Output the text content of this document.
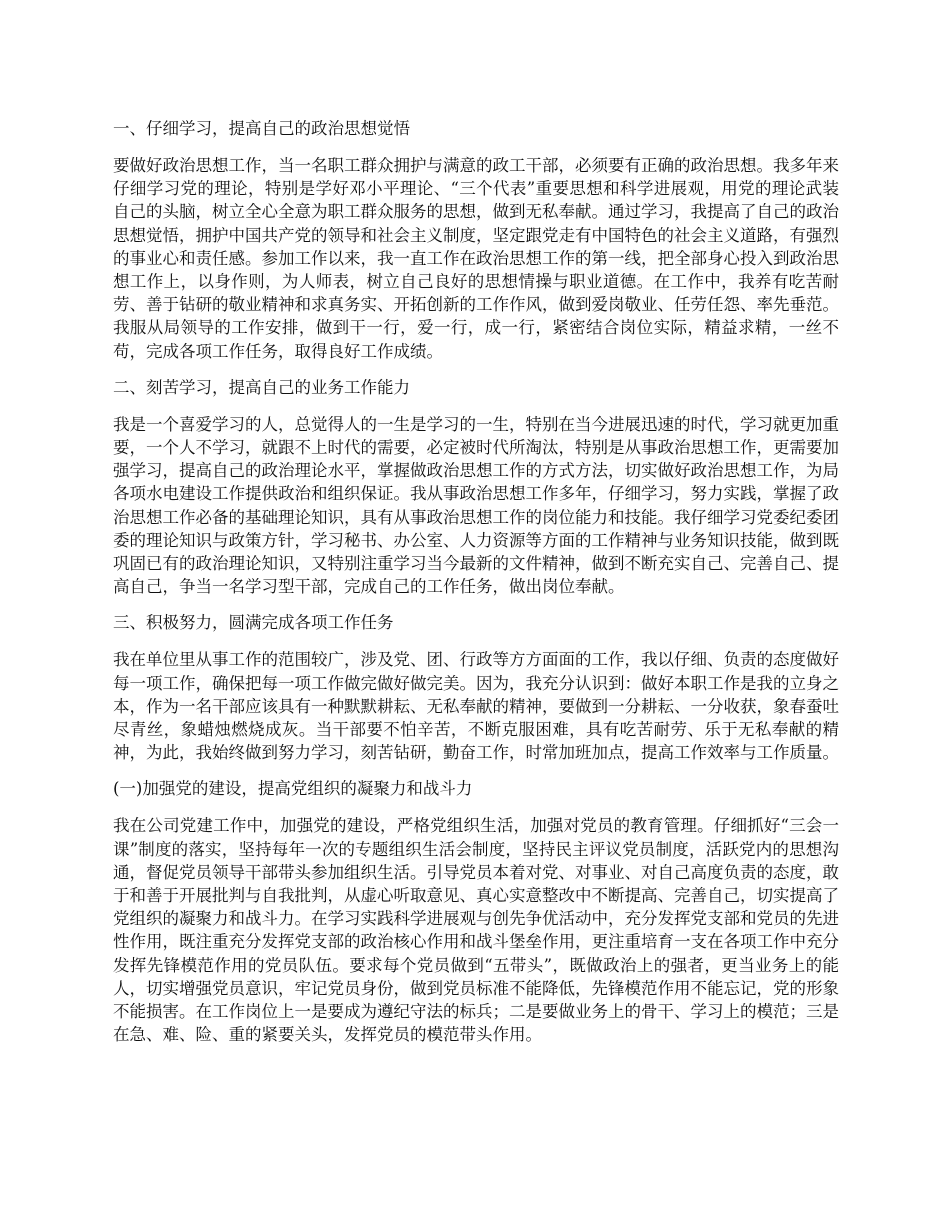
一、仔细学习，提高自己的政治思想觉悟

要做好政治思想工作，当一名职工群众拥护与满意的政工干部，必须要有正确的政治思想。我多年来仔细学习党的理论，特别是学好邓小平理论、“三个代表”重要思想和科学进展观，用党的理论武装自己的头脑，树立全心全意为职工群众服务的思想，做到无私奉献。通过学习，我提高了自己的政治思想觉悟，拥护中国共产党的领导和社会主义制度，坚定跟党走有中国特色的社会主义道路，有强烈的事业心和责任感。参加工作以来，我一直工作在政治思想工作的第一线，把全部身心投入到政治思想工作上，以身作则，为人师表，树立自己良好的思想情操与职业道德。在工作中，我养有吃苦耐劳、善于钻研的敬业精神和求真务实、开拓创新的工作作风，做到爱岗敬业、任劳任怨、率先垂范。我服从局领导的工作安排，做到干一行，爱一行，成一行，紧密结合岗位实际，精益求精，一丝不苟，完成各项工作任务，取得良好工作成绩。

二、刻苦学习，提高自己的业务工作能力

我是一个喜爱学习的人，总觉得人的一生是学习的一生，特别在当今进展迅速的时代，学习就更加重要，一个人不学习，就跟不上时代的需要，必定被时代所淘汰，特别是从事政治思想工作，更需要加强学习，提高自己的政治理论水平，掌握做政治思想工作的方式方法，切实做好政治思想工作，为局各项水电建设工作提供政治和组织保证。我从事政治思想工作多年，仔细学习，努力实践，掌握了政治思想工作必备的基础理论知识，具有从事政治思想工作的岗位能力和技能。我仔细学习党委纪委团委的理论知识与政策方针，学习秘书、办公室、人力资源等方面的工作精神与业务知识技能，做到既巩固已有的政治理论知识，又特别注重学习当今最新的文件精神，做到不断充实自己、完善自己、提高自己，争当一名学习型干部，完成自己的工作任务，做出岗位奉献。

三、积极努力，圆满完成各项工作任务

我在单位里从事工作的范围较广，涉及党、团、行政等方方面面的工作，我以仔细、负责的态度做好每一项工作，确保把每一项工作做完做好做完美。因为，我充分认识到：做好本职工作是我的立身之本，作为一名干部应该具有一种默默耕耘、无私奉献的精神，要做到一分耕耘、一分收获，象春蚕吐尽青丝，象蜡烛燃烧成灰。当干部要不怕辛苦，不断克服困难，具有吃苦耐劳、乐于无私奉献的精神，为此，我始终做到努力学习，刻苦钻研，勤奋工作，时常加班加点，提高工作效率与工作质量。

(一)加强党的建设，提高党组织的凝聚力和战斗力

我在公司党建工作中，加强党的建设，严格党组织生活，加强对党员的教育管理。仔细抓好“三会一课”制度的落实，坚持每年一次的专题组织生活会制度，坚持民主评议党员制度，活跃党内的思想沟通，督促党员领导干部带头参加组织生活。引导党员本着对党、对事业、对自己高度负责的态度，敢于和善于开展批判与自我批判，从虚心听取意见、真心实意整改中不断提高、完善自己，切实提高了党组织的凝聚力和战斗力。在学习实践科学进展观与创先争优活动中，充分发挥党支部和党员的先进性作用，既注重充分发挥党支部的政治核心作用和战斗堡垒作用，更注重培育一支在各项工作中充分发挥先锋模范作用的党员队伍。要求每个党员做到“五带头”，既做政治上的强者，更当业务上的能人，切实增强党员意识，牢记党员身份，做到党员标准不能降低，先锋模范作用不能忘记，党的形象不能损害。在工作岗位上一是要成为遵纪守法的标兵；二是要做业务上的骨干、学习上的模范；三是在急、难、险、重的紧要关头，发挥党员的模范带头作用。
